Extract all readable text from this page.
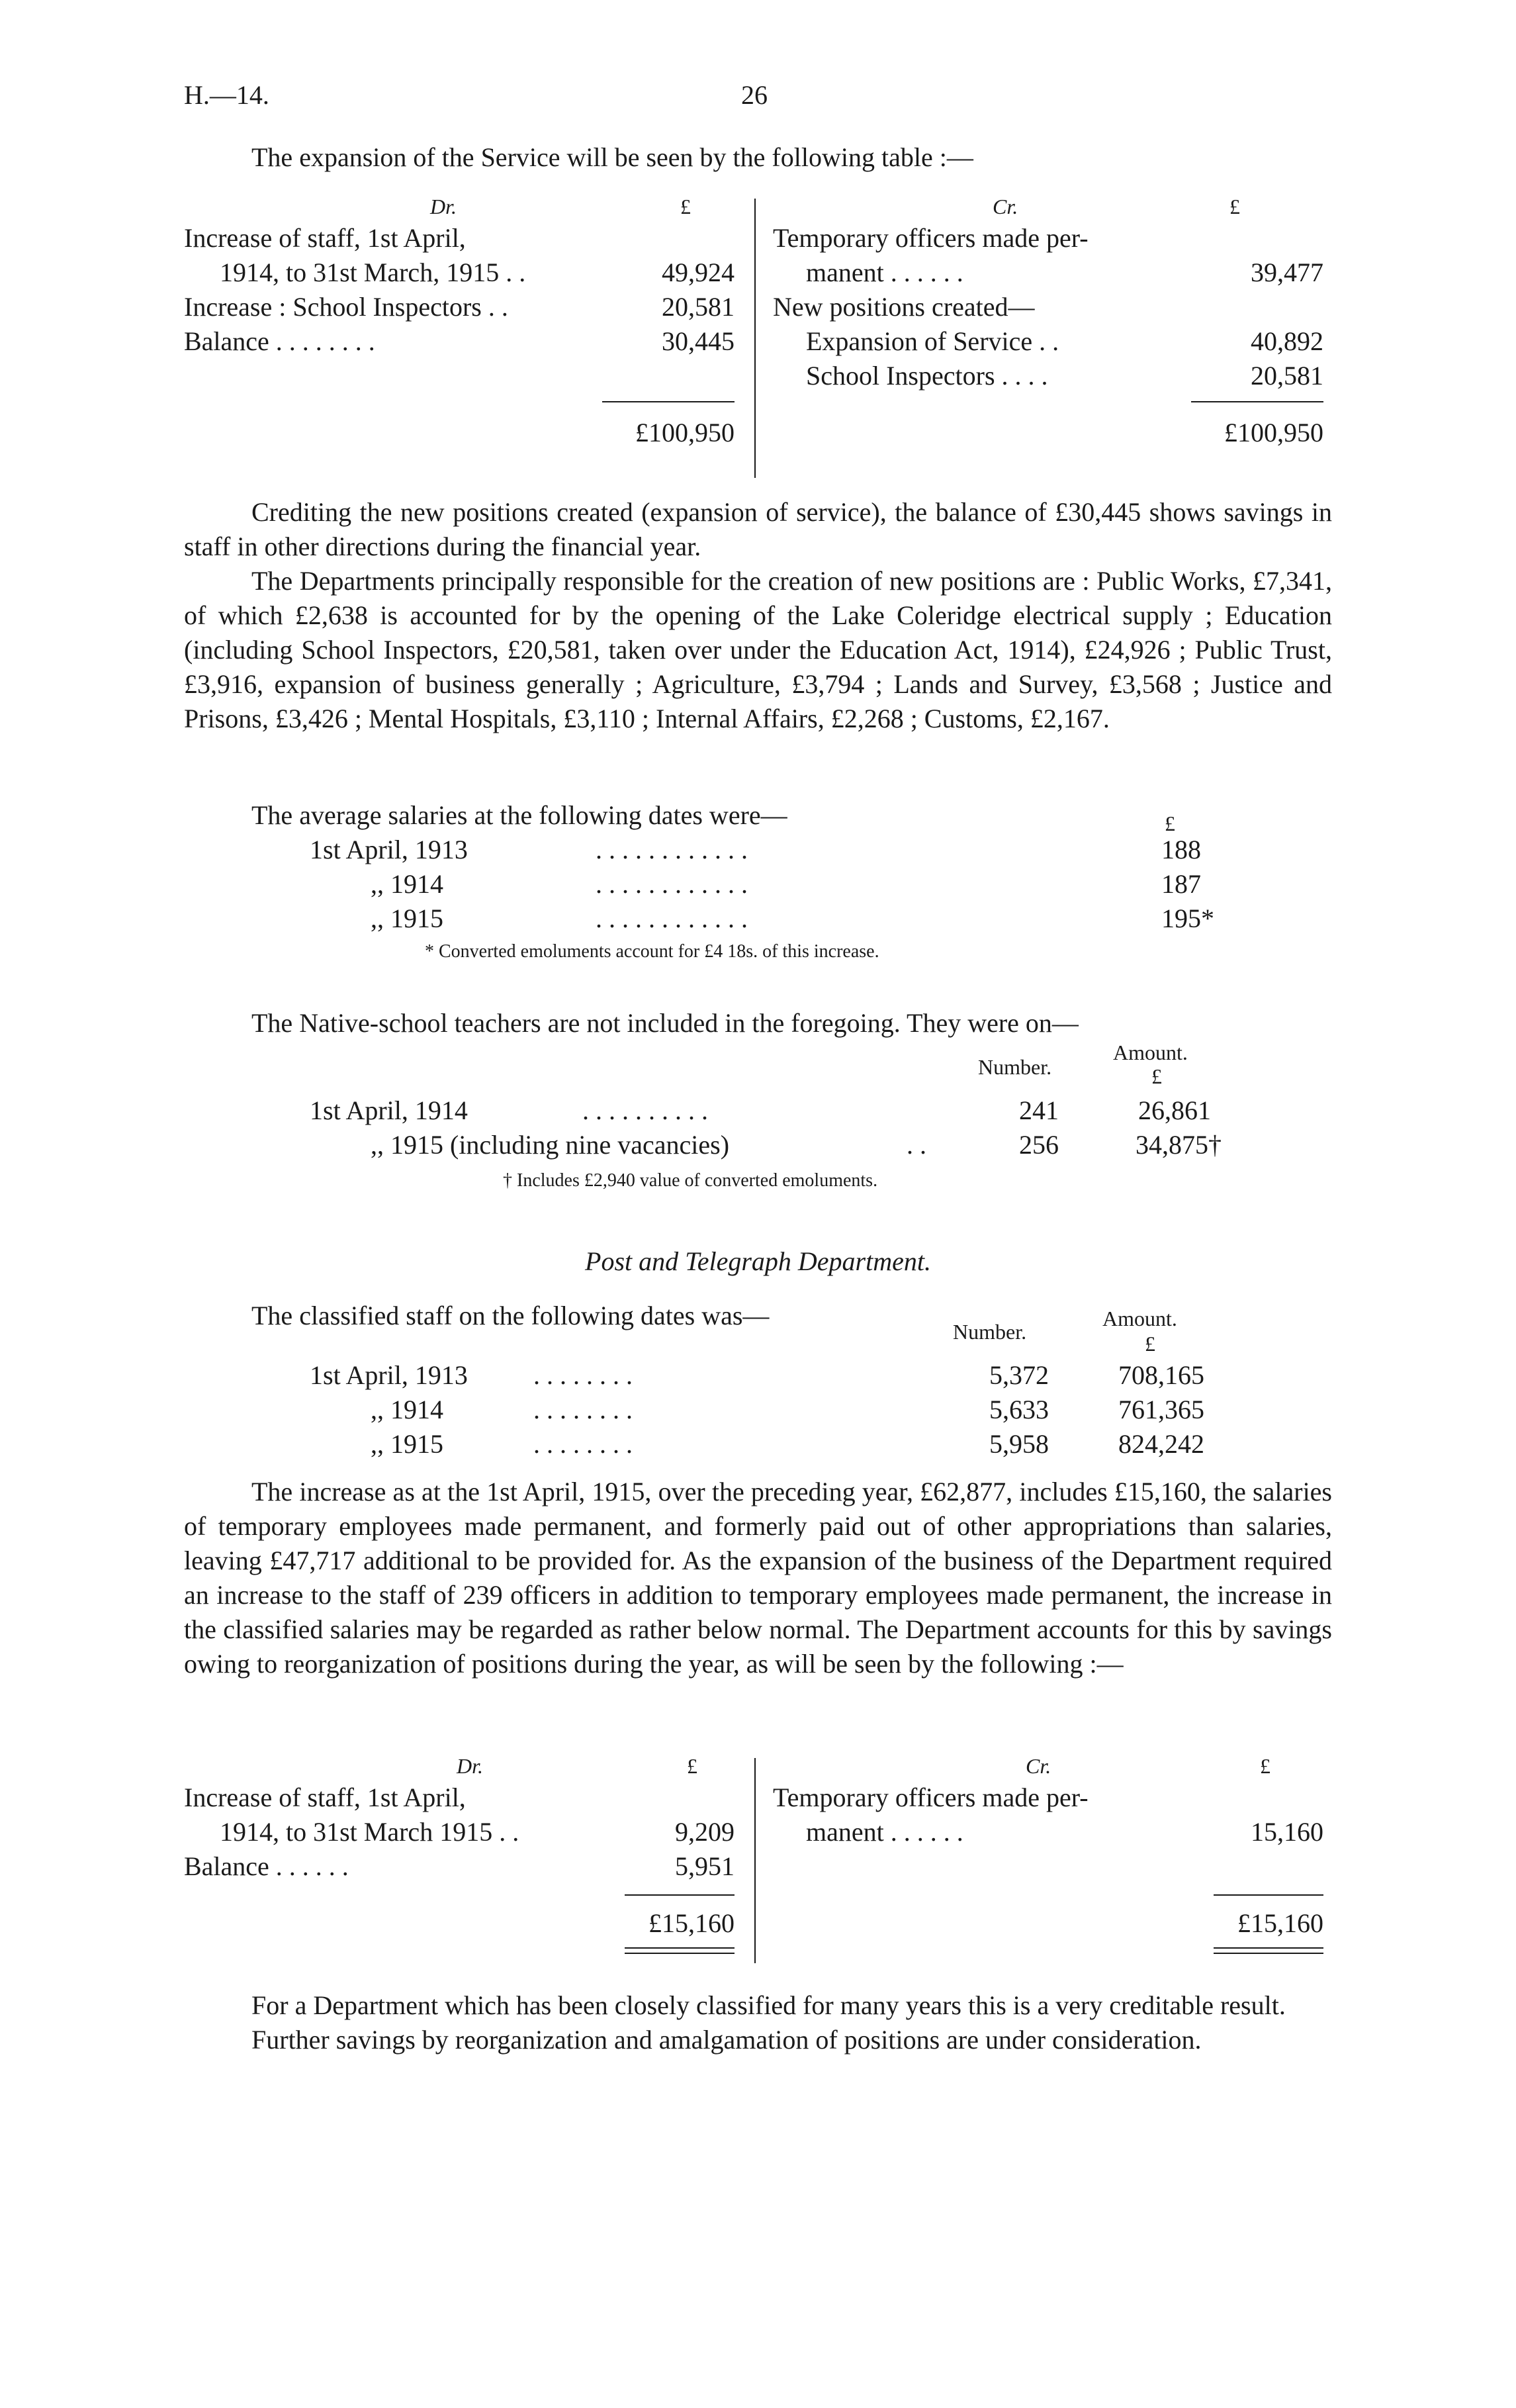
H.—14.	26
The expansion of the Service will be seen by the following table :—
Dr.	£	Cr.	£
Increase of staff, 1st April,
1914, to 31st March, 1915 . .	49,924
Increase : School Inspectors . .	20,581
Balance . . . . . . . .	30,445
£100,950
Temporary officers made per-
manent . . . . . .	39,477
New positions created—
Expansion of Service . .	40,892
School Inspectors . . . .	20,581
£100,950

Crediting the new positions created (expansion of service), the balance of £30,445 shows savings in staff in other directions during the financial year.

The Departments principally responsible for the creation of new positions are : Public Works, £7,341, of which £2,638 is accounted for by the opening of the Lake Coleridge electrical supply ; Education (including School Inspectors, £20,581, taken over under the Education Act, 1914), £24,926 ; Public Trust, £3,916, expansion of business generally ; Agriculture, £3,794 ; Lands and Survey, £3,568 ; Justice and Prisons, £3,426 ; Mental Hospitals, £3,110 ; Internal Affairs, £2,268 ; Customs, £2,167.

The average salaries at the following dates were—	£
1st April, 1913	. . . . . . . . . . . .	188
,, 1914	. . . . . . . . . . . .	187
,, 1915	. . . . . . . . . . . .	195*
* Converted emoluments account for £4 18s. of this increase.
The Native-school teachers are not included in the foregoing. They were on—
Number.
Amount.
£
1st April, 1914	. . . . . . . . . .	241	26,861
,, 1915 (including nine vacancies)	. .	256	34,875†
† Includes £2,940 value of converted emoluments.
Post and Telegraph Department.
The classified staff on the following dates was—
Number.
Amount.
£
1st April, 1913 . . . . . . . .	5,372	708,165
,, 1914	. . . . . . . .	5,633	761,365
,, 1915	. . . . . . . .	5,958	824,242

The increase as at the 1st April, 1915, over the preceding year, £62,877, includes £15,160, the salaries of temporary employees made permanent, and formerly paid out of other appropriations than salaries, leaving £47,717 additional to be provided for. As the expansion of the business of the Department required an increase to the staff of 239 officers in addition to temporary employees made permanent, the increase in the classified salaries may be regarded as rather below normal. The Department accounts for this by savings owing to reorganization of positions during the year, as will be seen by the following :—

Dr.	£	Cr.	£
Increase of staff, 1st April,
1914, to 31st March 1915 . .	9,209
Balance . . . . . .	5,951
£15,160
Temporary officers made per-
manent . . . . . .	15,160
£15,160

For a Department which has been closely classified for many years this is a very creditable result.

Further savings by reorganization and amalgamation of positions are under consideration.
